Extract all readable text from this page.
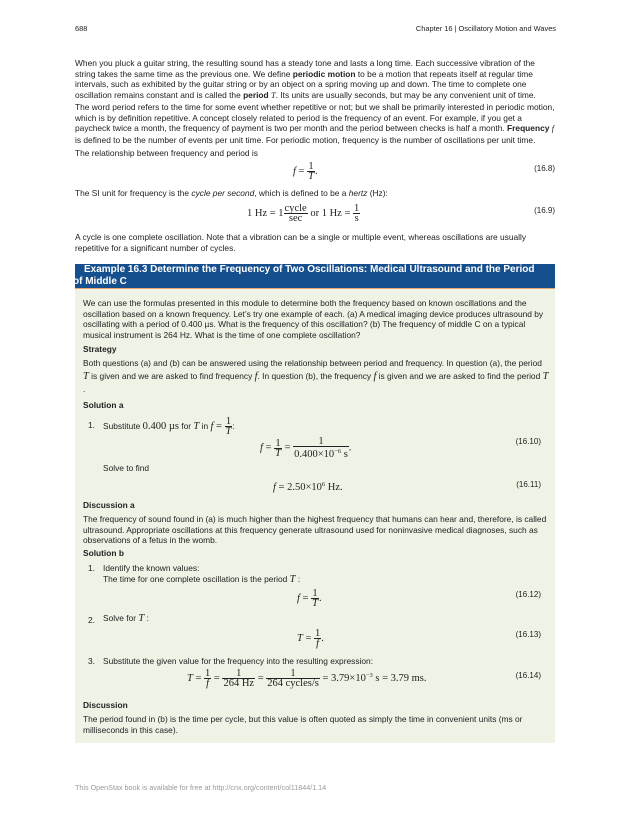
688	Chapter 16 | Oscillatory Motion and Waves
When you pluck a guitar string, the resulting sound has a steady tone and lasts a long time. Each successive vibration of the string takes the same time as the previous one. We define periodic motion to be a motion that repeats itself at regular time intervals, such as exhibited by the guitar string or by an object on a spring moving up and down. The time to complete one oscillation remains constant and is called the period T. Its units are usually seconds, but may be any convenient unit of time.
The word period refers to the time for some event whether repetitive or not; but we shall be primarily interested in periodic motion, which is by definition repetitive. A concept closely related to period is the frequency of an event. For example, if you get a paycheck twice a month, the frequency of payment is two per month and the period between checks is half a month. Frequency f is defined to be the number of events per unit time. For periodic motion, frequency is the number of oscillations per unit time.
The relationship between frequency and period is
$f = \frac{1}{T}$ .	(16.8)
The SI unit for frequency is the cycle per second, which is defined to be a hertz (Hz):
1 $Hz = 1 \frac{\text{cycle}}{\sec}$ or 1 $Hz = \frac{1}{s}$	(16.9)
A cycle is one complete oscillation. Note that a vibration can be a single or multiple event, whereas oscillations are usually repetitive for a significant number of cycles.
Example 16.3 Determine the Frequency of Two Oscillations: Medical Ultrasound and the Period
of Middle C
We can use the formulas presented in this module to determine both the frequency based on known oscillations and the oscillation based on a known frequency. Let’s try one example of each. (a) A medical imaging device produces ultrasound by oscillating with a period of 0.400 µs. What is the frequency of this oscillation? (b) The frequency of middle C on a typical musical instrument is 264 Hz. What is the time of one complete oscillation?
Strategy
Both questions (a) and (b) can be answered using the relationship between period and frequency. In question (a), the period T is given and we are asked to find frequency f. In question (b), the frequency f is given and we are asked to find the period T .
Solution a
1. Substitute 0.400 µs for T in $f = \frac{1}{T}$ :
$f = \frac{1}{T} = \frac{1}{0.400\times 10^{-6} s}$ .
(16.10)
Solve to find
$f = 2.50\times 10^6$ Hz.	(16.11)
Discussion a
The frequency of sound found in (a) is much higher than the highest frequency that humans can hear and, therefore, is called ultrasound. Appropriate oscillations at this frequency generate ultrasound used for noninvasive medical diagnoses, such as observations of a fetus in the womb.
Solution b
1. Identify the known values:
The time for one complete oscillation is the period T :
$f = \frac{1}{T}$ .	(16.12)
2. Solve for T :
$T = \frac{1}{f}$ .	(16.13)
3. Substitute the given value for the frequency into the resulting expression:
$T = \frac{1}{f} = \frac{1}{264 Hz} = \frac{1}{\text{264 cycles/s}} = 3.79\times 10^{-3}$ s = 3.79 ms.	(16.14)
Discussion
The period found in (b) is the time per cycle, but this value is often quoted as simply the time in convenient units (ms or milliseconds in this case).
This OpenStax book is available for free at http://cnx.org/content/col11844/1.14
